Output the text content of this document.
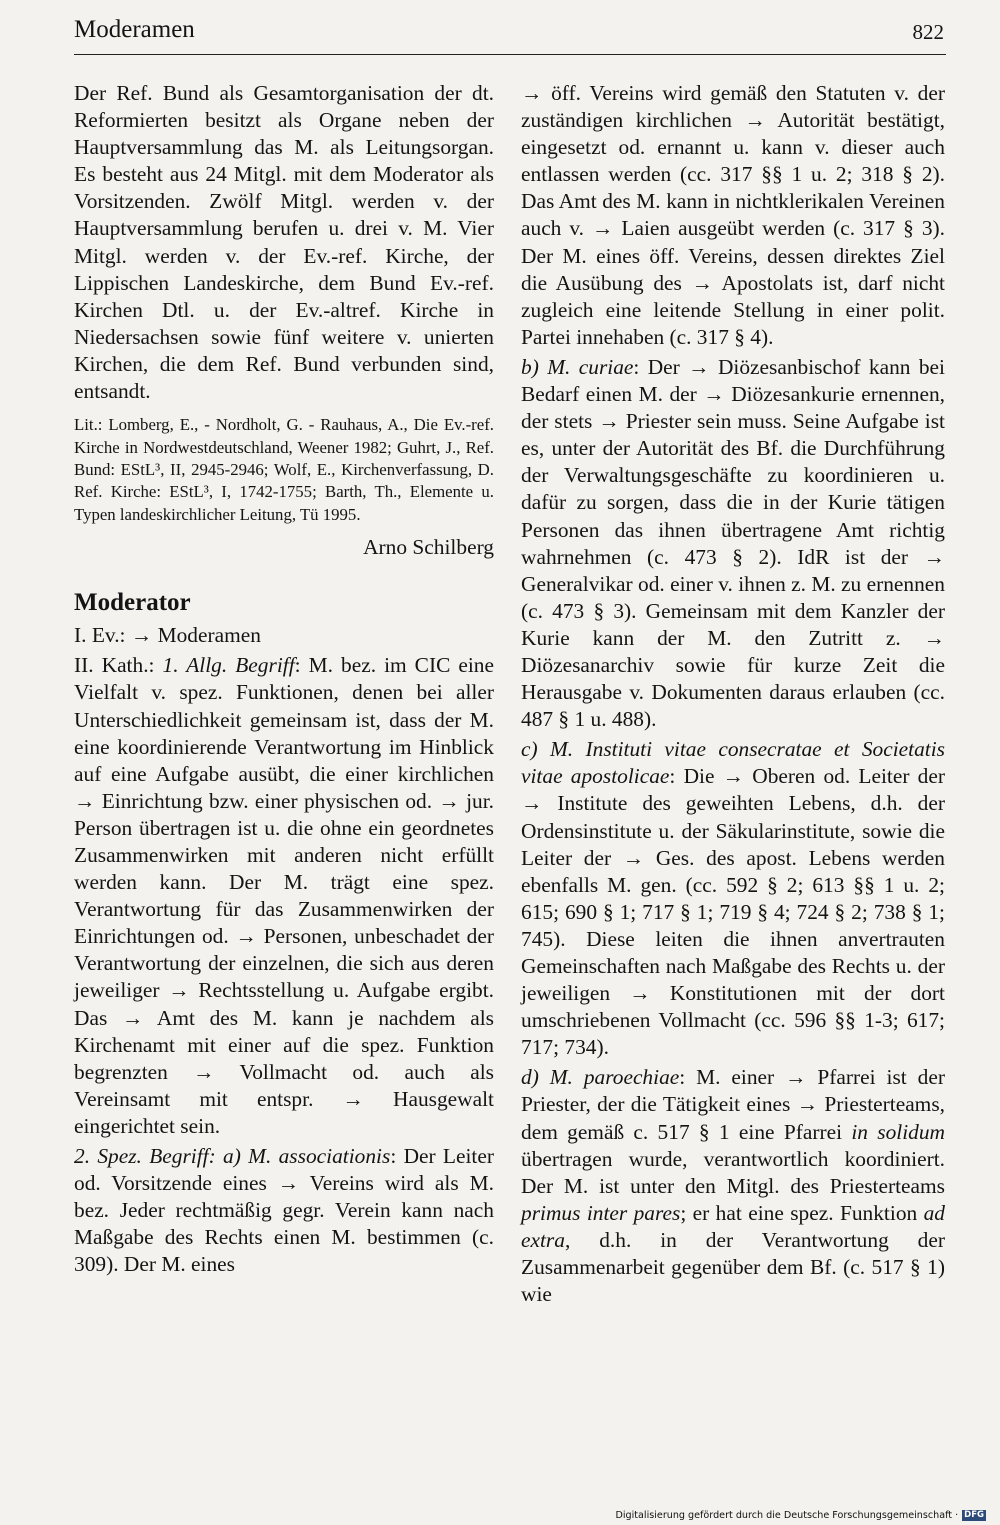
Moderamen	822

Der Ref. Bund als Gesamtorganisation der dt. Reformierten besitzt als Organe neben der Hauptversammlung das M. als Leitungsorgan. Es besteht aus 24 Mitgl. mit dem Moderator als Vorsitzenden. Zwölf Mitgl. werden v. der Hauptversammlung berufen u. drei v. M. Vier Mitgl. werden v. der Ev.-ref. Kirche, der Lippischen Landeskirche, dem Bund Ev.-ref. Kirchen Dtl. u. der Ev.-altref. Kirche in Niedersachsen sowie fünf weitere v. unierten Kirchen, die dem Ref. Bund verbunden sind, entsandt.

Lit.: Lomberg, E., - Nordholt, G. - Rauhaus, A., Die Ev.-ref. Kirche in Nordwestdeutschland, Weener 1982; Guhrt, J., Ref. Bund: EStL³, II, 2945-2946; Wolf, E., Kirchenverfassung, D. Ref. Kirche: EStL³, I, 1742-1755; Barth, Th., Elemente u. Typen landeskirchlicher Leitung, Tü 1995.

Arno Schilberg

Moderator

I. Ev.: → Moderamen

II. Kath.: 1. Allg. Begriff: M. bez. im CIC eine Vielfalt v. spez. Funktionen, denen bei aller Unterschiedlichkeit gemeinsam ist, dass der M. eine koordinierende Verantwortung im Hinblick auf eine Aufgabe ausübt, die einer kirchlichen → Einrichtung bzw. einer physischen od. → jur. Person übertragen ist u. die ohne ein geordnetes Zusammenwirken mit anderen nicht erfüllt werden kann. Der M. trägt eine spez. Verantwortung für das Zusammenwirken der Einrichtungen od. → Personen, unbeschadet der Verantwortung der einzelnen, die sich aus deren jeweiliger → Rechtsstellung u. Aufgabe ergibt. Das → Amt des M. kann je nachdem als Kirchenamt mit einer auf die spez. Funktion begrenzten → Vollmacht od. auch als Vereinsamt mit entspr. → Hausgewalt eingerichtet sein.

2. Spez. Begriff: a) M. associationis: Der Leiter od. Vorsitzende eines → Vereins wird als M. bez. Jeder rechtmäßig gegr. Verein kann nach Maßgabe des Rechts einen M. bestimmen (c. 309). Der M. eines

→ öff. Vereins wird gemäß den Statuten v. der zuständigen kirchlichen → Autorität bestätigt, eingesetzt od. ernannt u. kann v. dieser auch entlassen werden (cc. 317 §§ 1 u. 2; 318 § 2). Das Amt des M. kann in nichtklerikalen Vereinen auch v. → Laien ausgeübt werden (c. 317 § 3). Der M. eines öff. Vereins, dessen direktes Ziel die Ausübung des → Apostolats ist, darf nicht zugleich eine leitende Stellung in einer polit. Partei innehaben (c. 317 § 4).

b) M. curiae: Der → Diözesanbischof kann bei Bedarf einen M. der → Diözesankurie ernennen, der stets → Priester sein muss. Seine Aufgabe ist es, unter der Autorität des Bf. die Durchführung der Verwaltungsgeschäfte zu koordinieren u. dafür zu sorgen, dass die in der Kurie tätigen Personen das ihnen übertragene Amt richtig wahrnehmen (c. 473 § 2). IdR ist der → Generalvikar od. einer v. ihnen z. M. zu ernennen (c. 473 § 3). Gemeinsam mit dem Kanzler der Kurie kann der M. den Zutritt z. → Diözesanarchiv sowie für kurze Zeit die Herausgabe v. Dokumenten daraus erlauben (cc. 487 § 1 u. 488).

c) M. Instituti vitae consecratae et Societatis vitae apostolicae: Die → Oberen od. Leiter der → Institute des geweihten Lebens, d.h. der Ordensinstitute u. der Säkularinstitute, sowie die Leiter der → Ges. des apost. Lebens werden ebenfalls M. gen. (cc. 592 § 2; 613 §§ 1 u. 2; 615; 690 § 1; 717 § 1; 719 § 4; 724 § 2; 738 § 1; 745). Diese leiten die ihnen anvertrauten Gemeinschaften nach Maßgabe des Rechts u. der jeweiligen → Konstitutionen mit der dort umschriebenen Vollmacht (cc. 596 §§ 1-3; 617; 717; 734).

d) M. paroechiae: M. einer → Pfarrei ist der Priester, der die Tätigkeit eines → Priesterteams, dem gemäß c. 517 § 1 eine Pfarrei in solidum übertragen wurde, verantwortlich koordiniert. Der M. ist unter den Mitgl. des Priesterteams primus inter pares; er hat eine spez. Funktion ad extra, d.h. in der Verantwortung der Zusammenarbeit gegenüber dem Bf. (c. 517 § 1) wie

Digitalisierung gefördert durch die Deutsche Forschungsgemeinschaft · DFG
